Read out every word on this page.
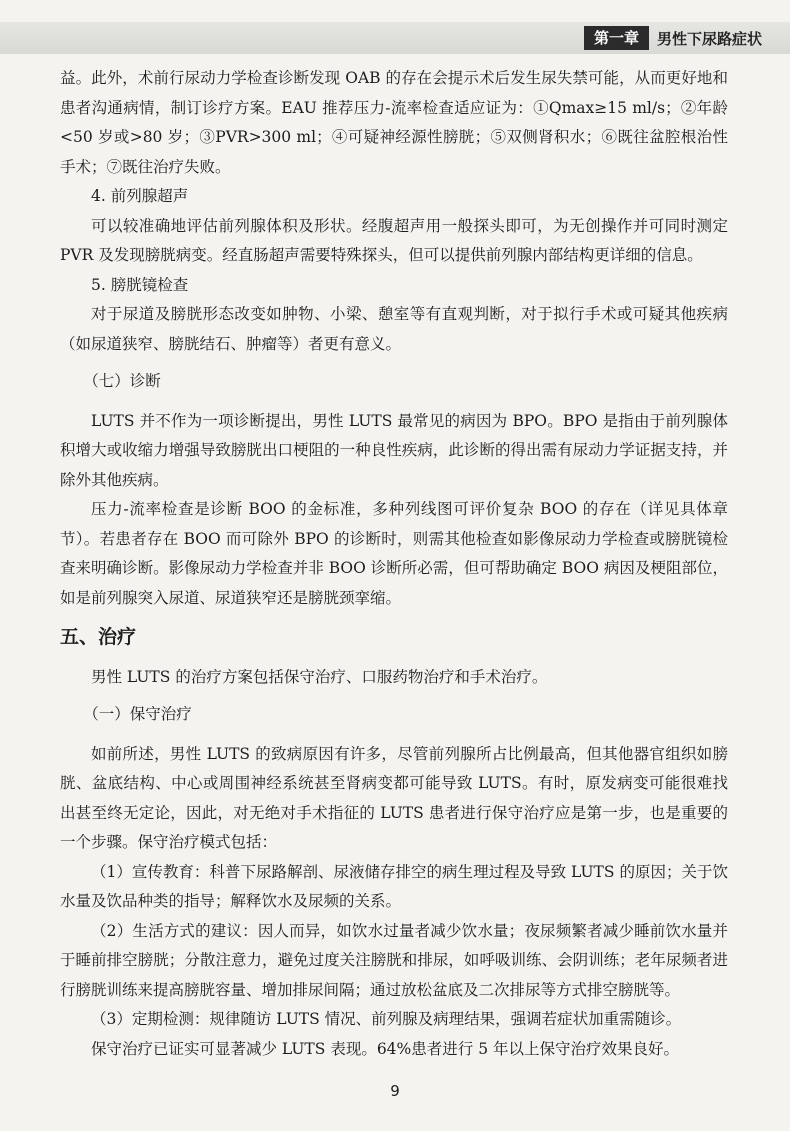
第一章	男性下尿路症状

益。此外，术前行尿动力学检查诊断发现 OAB 的存在会提示术后发生尿失禁可能，从而更好地和患者沟通病情，制订诊疗方案。EAU 推荐压力-流率检查适应证为：①Qmax≥15 ml/s；②年龄<50 岁或>80 岁；③PVR>300 ml；④可疑神经源性膀胱；⑤双侧肾积水；⑥既往盆腔根治性手术；⑦既往治疗失败。

4. 前列腺超声

可以较准确地评估前列腺体积及形状。经腹超声用一般探头即可，为无创操作并可同时测定 PVR 及发现膀胱病变。经直肠超声需要特殊探头，但可以提供前列腺内部结构更详细的信息。

5. 膀胱镜检查

对于尿道及膀胱形态改变如肿物、小梁、憩室等有直观判断，对于拟行手术或可疑其他疾病（如尿道狭窄、膀胱结石、肿瘤等）者更有意义。

（七）诊断

LUTS 并不作为一项诊断提出，男性 LUTS 最常见的病因为 BPO。BPO 是指由于前列腺体积增大或收缩力增强导致膀胱出口梗阻的一种良性疾病，此诊断的得出需有尿动力学证据支持，并除外其他疾病。

压力-流率检查是诊断 BOO 的金标准，多种列线图可评价复杂 BOO 的存在（详见具体章节）。若患者存在 BOO 而可除外 BPO 的诊断时，则需其他检查如影像尿动力学检查或膀胱镜检查来明确诊断。影像尿动力学检查并非 BOO 诊断所必需，但可帮助确定 BOO 病因及梗阻部位，如是前列腺突入尿道、尿道狭窄还是膀胱颈挛缩。

五、治疗

男性 LUTS 的治疗方案包括保守治疗、口服药物治疗和手术治疗。

（一）保守治疗

如前所述，男性 LUTS 的致病原因有许多，尽管前列腺所占比例最高，但其他器官组织如膀胱、盆底结构、中心或周围神经系统甚至肾病变都可能导致 LUTS。有时，原发病变可能很难找出甚至终无定论，因此，对无绝对手术指征的 LUTS 患者进行保守治疗应是第一步，也是重要的一个步骤。保守治疗模式包括：

（1）宣传教育：科普下尿路解剖、尿液储存排空的病生理过程及导致 LUTS 的原因；关于饮水量及饮品种类的指导；解释饮水及尿频的关系。

（2）生活方式的建议：因人而异，如饮水过量者减少饮水量；夜尿频繁者减少睡前饮水量并于睡前排空膀胱；分散注意力，避免过度关注膀胱和排尿，如呼吸训练、会阴训练；老年尿频者进行膀胱训练来提高膀胱容量、增加排尿间隔；通过放松盆底及二次排尿等方式排空膀胱等。

（3）定期检测：规律随访 LUTS 情况、前列腺及病理结果，强调若症状加重需随诊。

保守治疗已证实可显著减少 LUTS 表现。64%患者进行 5 年以上保守治疗效果良好。

9
